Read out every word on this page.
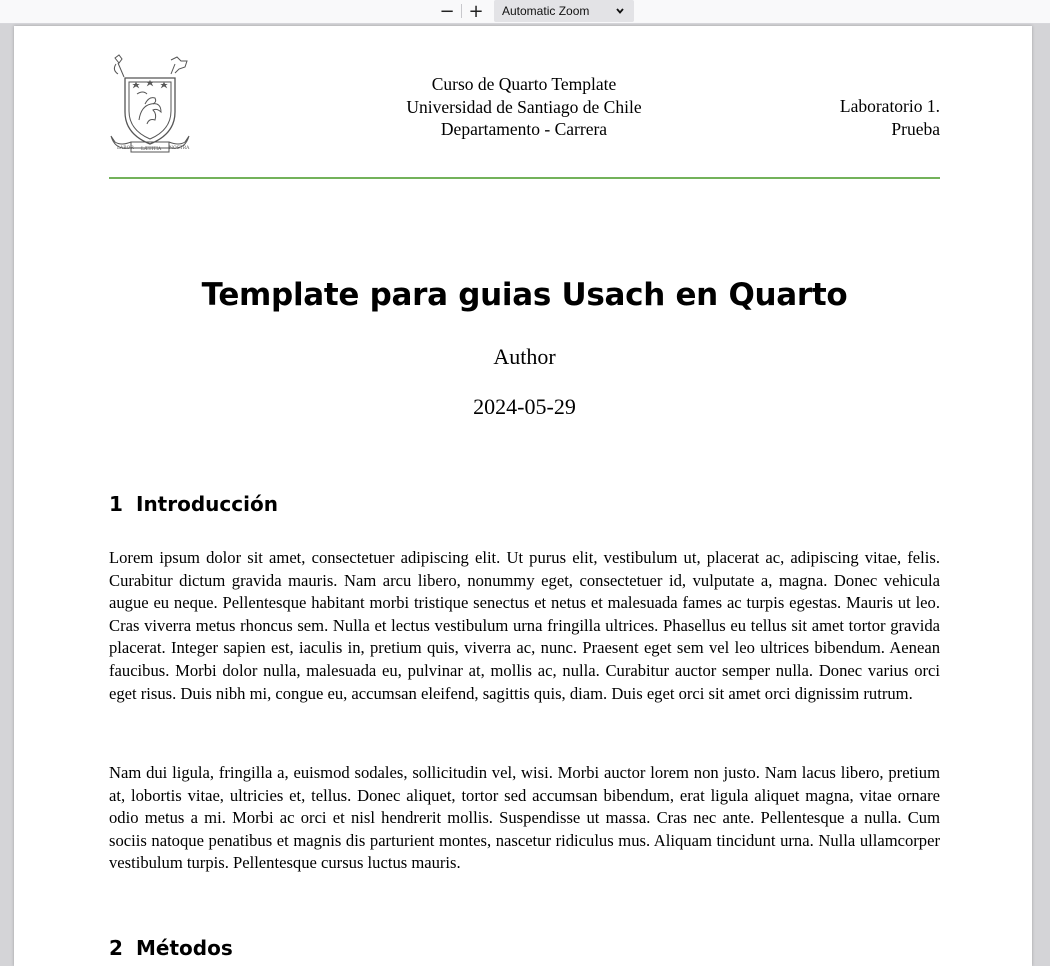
− +	Automatic Zoom
LABOR LÆTITIA NOSTRA
Curso de Quarto Template
Universidad de Santiago de Chile
Departamento - Carrera
Laboratorio 1.
Prueba
Template para guias Usach en Quarto
Author
2024-05-29
1 Introducción

Lorem ipsum dolor sit amet, consectetuer adipiscing elit. Ut purus elit, vestibulum ut, placerat ac, adipiscing vitae, felis. Curabitur dictum gravida mauris. Nam arcu libero, nonummy eget, consectetuer id, vulputate a, magna. Donec vehicula augue eu neque. Pellentesque habitant morbi tristique senectus et netus et malesuada fames ac turpis egestas. Mauris ut leo. Cras viverra metus rhoncus sem. Nulla et lectus vestibulum urna fringilla ultrices. Phasellus eu tellus sit amet tortor gravida placerat. Integer sapien est, iaculis in, pretium quis, viverra ac, nunc. Praesent eget sem vel leo ultrices bibendum. Aenean faucibus. Morbi dolor nulla, malesuada eu, pulvinar at, mollis ac, nulla. Curabitur auctor semper nulla. Donec varius orci eget risus. Duis nibh mi, congue eu, accumsan eleifend, sagittis quis, diam. Duis eget orci sit amet orci dignissim rutrum.

Nam dui ligula, fringilla a, euismod sodales, sollicitudin vel, wisi. Morbi auctor lorem non justo. Nam lacus libero, pretium at, lobortis vitae, ultricies et, tellus. Donec aliquet, tortor sed accumsan bibendum, erat ligula aliquet magna, vitae ornare odio metus a mi. Morbi ac orci et nisl hendrerit mollis. Suspendisse ut massa. Cras nec ante. Pellentesque a nulla. Cum sociis natoque penatibus et magnis dis parturient montes, nascetur ridiculus mus. Aliquam tincidunt urna. Nulla ullamcorper vestibulum turpis. Pellentesque cursus luctus mauris.

2 Métodos
